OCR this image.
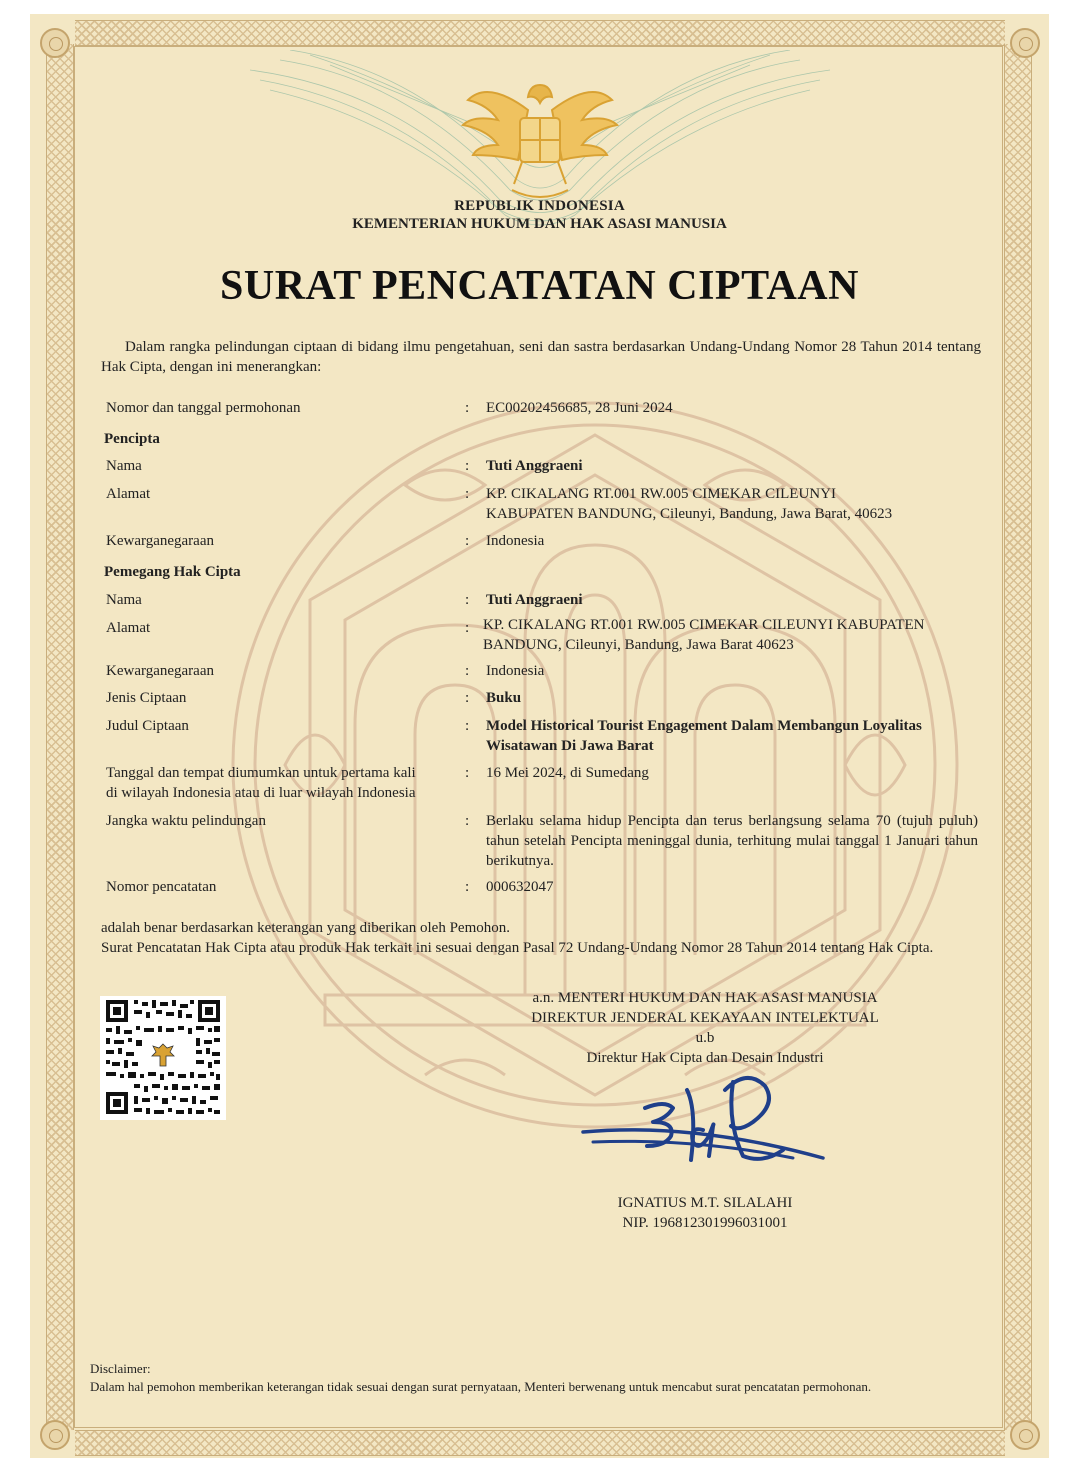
REPUBLIK INDONESIA
KEMENTERIAN HUKUM DAN HAK ASASI MANUSIA
SURAT PENCATATAN CIPTAAN
Dalam rangka pelindungan ciptaan di bidang ilmu pengetahuan, seni dan sastra berdasarkan Undang-Undang Nomor 28 Tahun 2014 tentang Hak Cipta, dengan ini menerangkan:
Nomor dan tanggal permohonan	: EC00202456685, 28 Juni 2024
Pencipta
Nama	: Tuti Anggraeni
Alamat	: KP. CIKALANG RT.001 RW.005 CIMEKAR CILEUNYI
KABUPATEN BANDUNG, Cileunyi, Bandung, Jawa Barat, 40623
Kewarganegaraan	: Indonesia
Pemegang Hak Cipta
Nama	: Tuti Anggraeni
Alamat	: KP. CIKALANG RT.001 RW.005 CIMEKAR CILEUNYI KABUPATEN
BANDUNG, Cileunyi, Bandung, Jawa Barat 40623
Kewarganegaraan	: Indonesia
Jenis Ciptaan	: Buku
Judul Ciptaan	: Model Historical Tourist Engagement Dalam Membangun Loyalitas
Wisatawan Di Jawa Barat
Tanggal dan tempat diumumkan untuk pertama kali
di wilayah Indonesia atau di luar wilayah Indonesia
: 16 Mei 2024, di Sumedang
Jangka waktu pelindungan	: Berlaku selama hidup Pencipta dan terus berlangsung selama 70 (tujuh puluh) tahun setelah Pencipta meninggal dunia, terhitung mulai tanggal 1 Januari tahun berikutnya.
Nomor pencatatan	: 000632047
adalah benar berdasarkan keterangan yang diberikan oleh Pemohon.
Surat Pencatatan Hak Cipta atau produk Hak terkait ini sesuai dengan Pasal 72 Undang-Undang Nomor 28 Tahun 2014 tentang Hak Cipta.
a.n. MENTERI HUKUM DAN HAK ASASI MANUSIA
DIREKTUR JENDERAL KEKAYAAN INTELEKTUAL
u.b
Direktur Hak Cipta dan Desain Industri
IGNATIUS M.T. SILALAHI
NIP. 196812301996031001
Disclaimer:
Dalam hal pemohon memberikan keterangan tidak sesuai dengan surat pernyataan, Menteri berwenang untuk mencabut surat pencatatan permohonan.
